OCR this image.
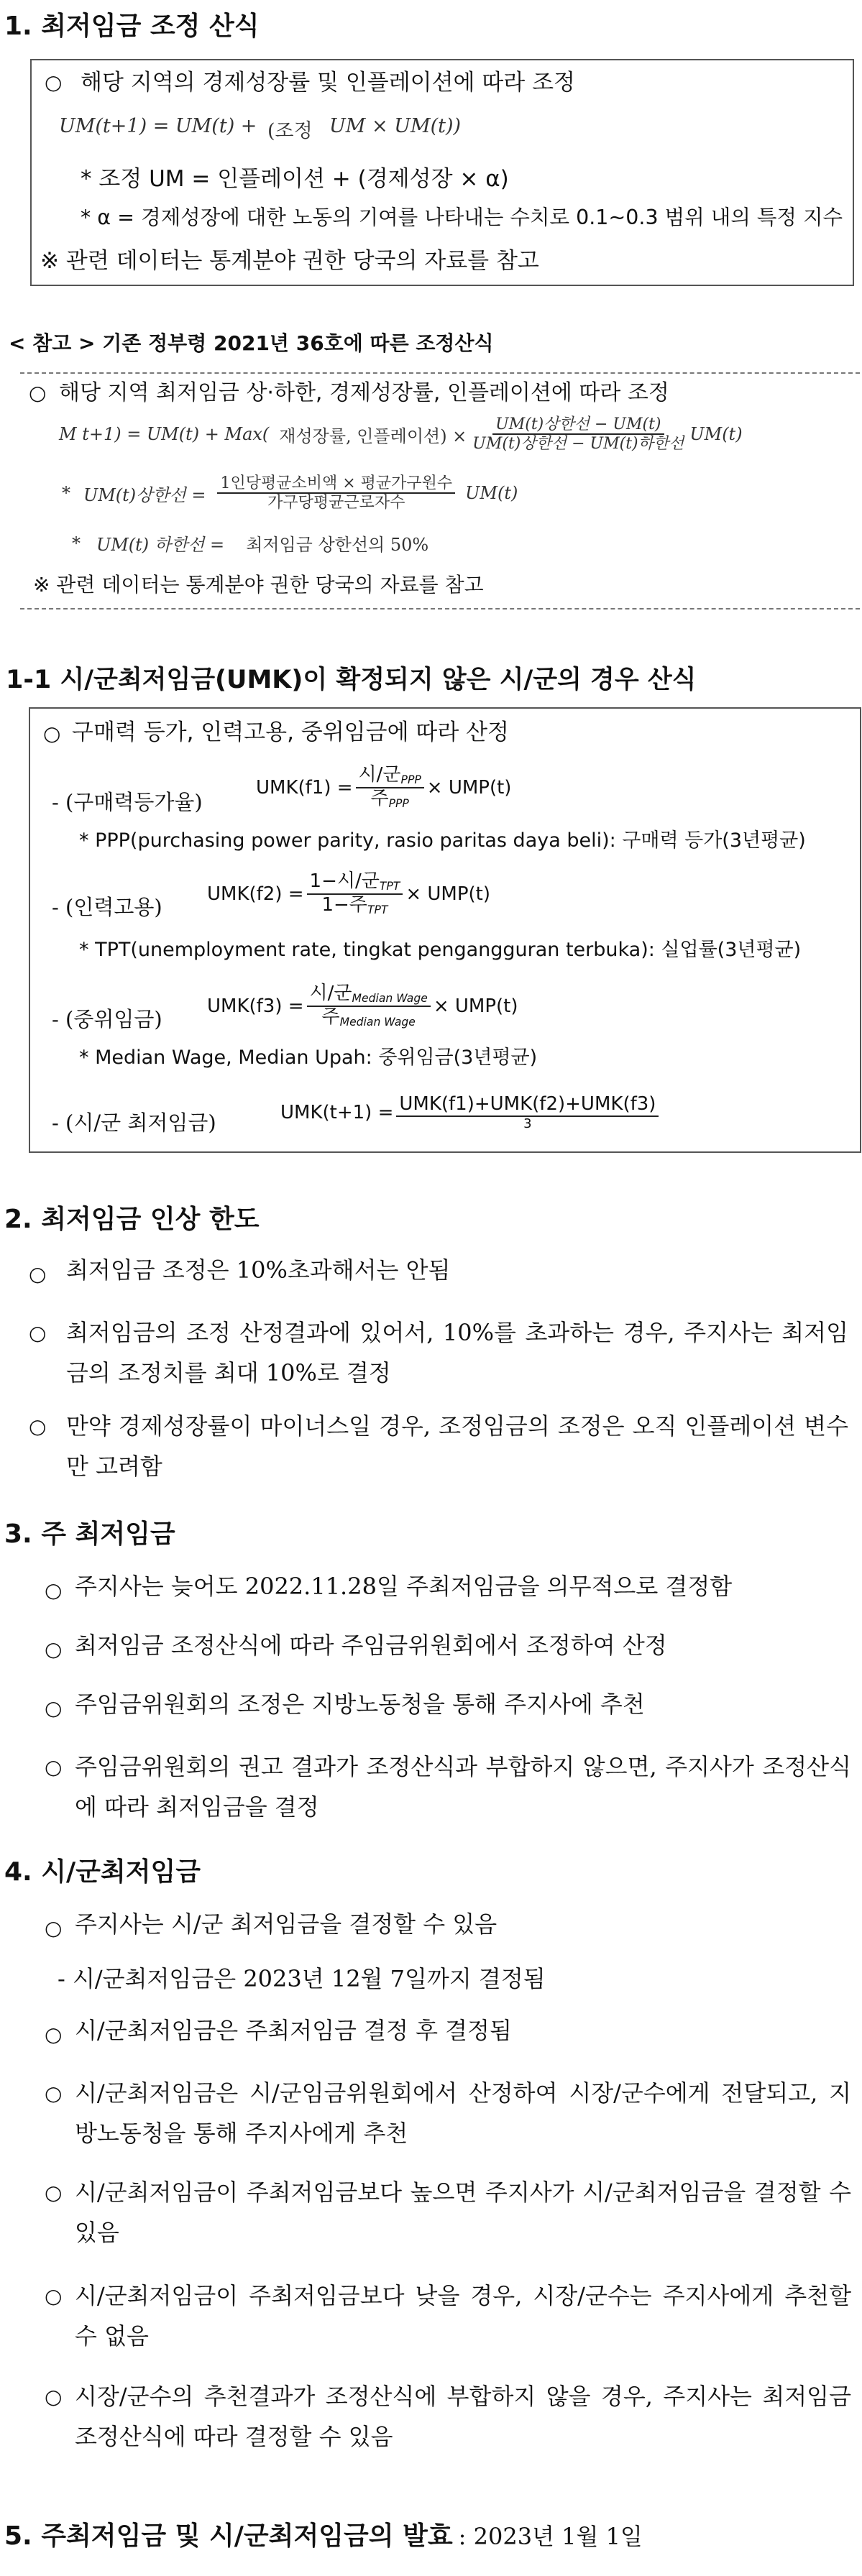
1. 최저임금 조정 산식
○ 해당 지역의 경제성장률 및 인플레이션에 따라 조정
UM(t+1) = UM(t) + (조정 UM × UM(t))
* 조정 UM = 인플레이션 + (경제성장 × α)
* α = 경제성장에 대한 노동의 기여를 나타내는 수치로 0.1~0.3 범위 내의 특정 지수
※ 관련 데이터는 통계분야 권한 당국의 자료를 참고
< 참고 > 기존 정부령 2021년 36호에 따른 조정산식
○ 해당 지역 최저임금 상·하한, 경제성장률, 인플레이션에 따라 조정
M t+1) = UM(t) + Max( 재성장률, 인플레이션) × $\frac{\text{UM(t)상한선 − UM(t)}}{\text{UM(t)상한선 − UM(t)하한선}} UM(t)$
* UM(t)상한선 = $\frac{\text{1인당평균소비액 × 평균가구원수}}{\text{가구당평균근로자수}} UM(t)$
* UM(t) 하한선 = 최저임금 상한선의 50%
※ 관련 데이터는 통계분야 권한 당국의 자료를 참고
1-1 시/군최저임금(UMK)이 확정되지 않은 시/군의 경우 산식
○ 구매력 등가, 인력고용, 중위임금에 따라 산정
- (구매력등가율)
$UMK(f1) = \frac{시/군_{PPP}}{주_{PPP}} \times UMP(t)$
* PPP(purchasing power parity, rasio paritas daya beli): 구매력 등가(3년평균)
- (인력고용)
$UMK(f2) = \frac{1-시/군_{TPT}}{1-주_{TPT}} \times UMP(t)$
* TPT(unemployment rate, tingkat pengangguran terbuka): 실업률(3년평균)
- (중위임금)
$UMK(f3) = \frac{시/군_{Median Wage}}{주_{Median Wage}} \times UMP(t)$
* Median Wage, Median Upah: 중위임금(3년평균)
- (시/군 최저임금)	$UMK(t+1) = \frac{\text{UMK(f1)+UMK(f2)+UMK(f3)}}{3}$
2. 최저임금 인상 한도
○ 최저임금 조정은 10%초과해서는 안됨
○ 최저임금의 조정 산정결과에 있어서, 10%를 초과하는 경우, 주지사는 최저임금의 조정치를 최대 10%로 결정
○ 만약 경제성장률이 마이너스일 경우, 조정임금의 조정은 오직 인플레이션 변수만 고려함
3. 주 최저임금
○ 주지사는 늦어도 2022.11.28일 주최저임금을 의무적으로 결정함
○ 최저임금 조정산식에 따라 주임금위원회에서 조정하여 산정
○ 주임금위원회의 조정은 지방노동청을 통해 주지사에 추천
○ 주임금위원회의 권고 결과가 조정산식과 부합하지 않으면, 주지사가 조정산식에 따라 최저임금을 결정
4. 시/군최저임금
○ 주지사는 시/군 최저임금을 결정할 수 있음
- 시/군최저임금은 2023년 12월 7일까지 결정됨
○ 시/군최저임금은 주최저임금 결정 후 결정됨
○ 시/군최저임금은 시/군임금위원회에서 산정하여 시장/군수에게 전달되고, 지방노동청을 통해 주지사에게 추천
○ 시/군최저임금이 주최저임금보다 높으면 주지사가 시/군최저임금을 결정할 수 있음
○ 시/군최저임금이 주최저임금보다 낮을 경우, 시장/군수는 주지사에게 추천할 수 없음
○ 시장/군수의 추천결과가 조정산식에 부합하지 않을 경우, 주지사는 최저임금 조정산식에 따라 결정할 수 있음
5. 주최저임금 및 시/군최저임금의 발효 : 2023년 1월 1일
